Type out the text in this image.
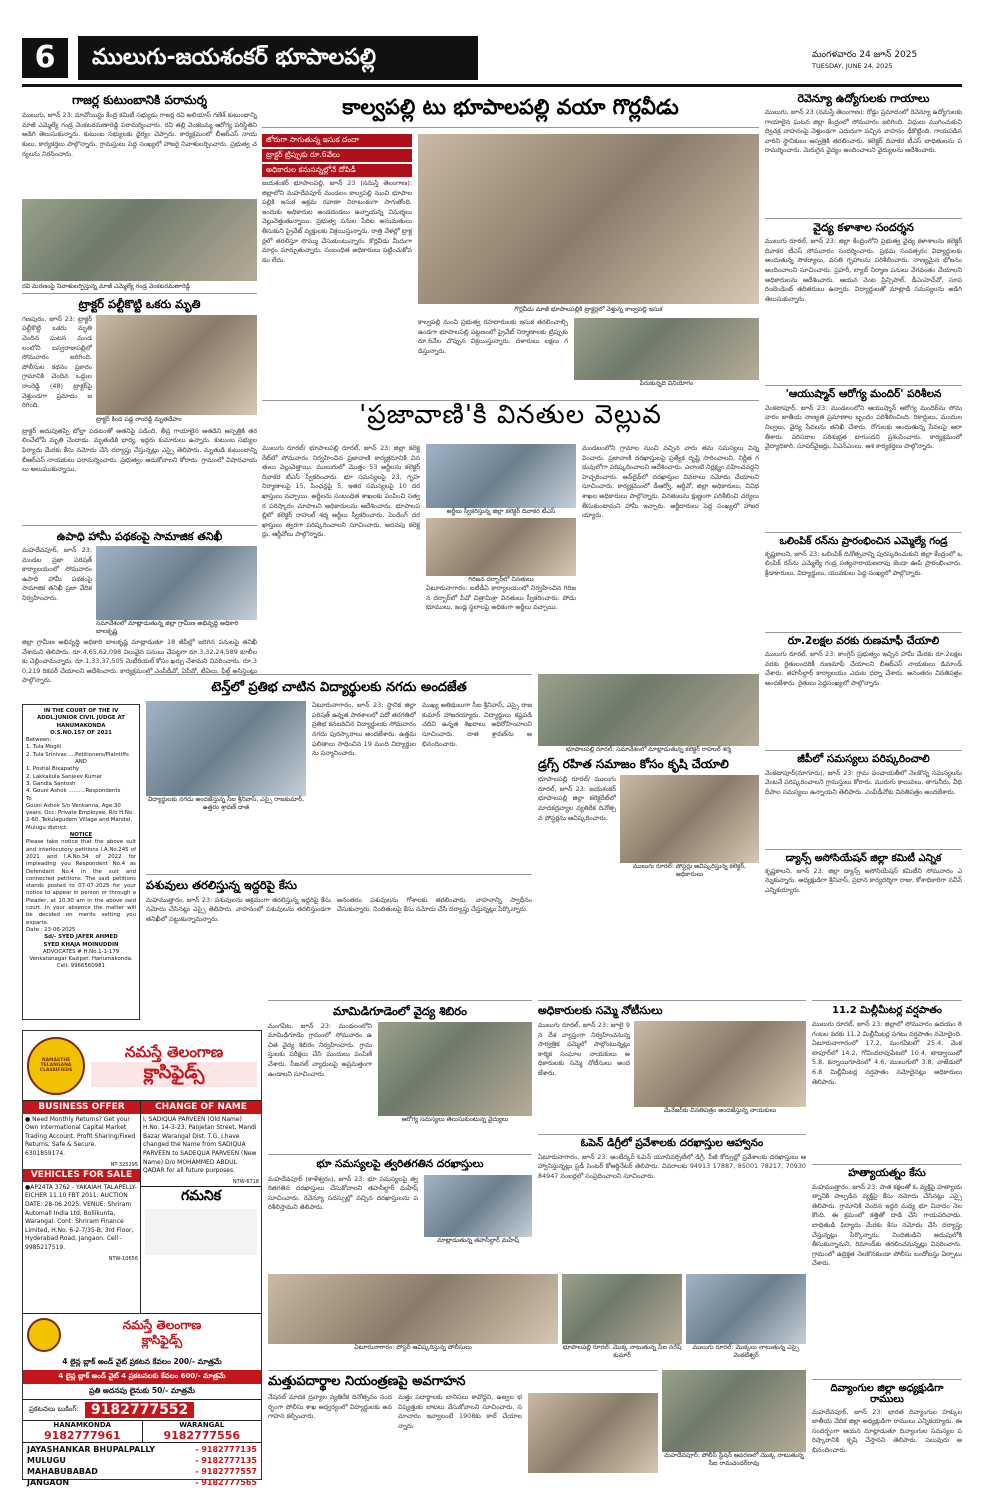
6	ములుగు-జయశంకర్ భూపాలపల్లి	మంగళవారం 24 జూన్ 2025
TUESDAY, JUNE 24, 2025
గాజర్ల కుటుంబానికి పరామర్శ
ములుగు, జూన్ 23: మావోయిస్టు కేంద్ర కమిటీ సభ్యుడు గాజర్ల రవి అలియాస్ గణేశ్ కుటుంబాన్ని మాజీ ఎమ్మెల్యే గండ్ర వెంకటరమణారెడ్డి పరామర్శించారు. రవి తల్లి వెంకటమ్మ ఆరోగ్య పరిస్థితిని అడిగి తెలుసుకున్నారు. కుటుంబ సభ్యులకు ధైర్యం చెప్పారు. కార్యక్రమంలో బీఆర్ఎస్ నాయకులు, కార్యకర్తలు పాల్గొన్నారు. గ్రామస్తులు పెద్ద సంఖ్యలో హాజరై నివాళులర్పించారు. ప్రభుత్వ చర్యలను నిరసించారు.
రవి మరణంపై నివాళులర్పిస్తున్న మాజీ ఎమ్మెల్యే గండ్ర వెంకటరమణారెడ్డి
ట్రాక్టర్ పల్టీకొట్టి ఒకరు మృతి
గణపురం, జూన్ 23: ట్రాక్టర్ పల్టీకొట్టి ఒకరు మృతి చెందిన ఘటన మండలంలోని బస్వరాజుపల్లిలో సోమవారం జరిగింది. పోలీసుల కథనం ప్రకారం గ్రామానికి చెందిన ఒద్దుల రాంరెడ్డి (48) ట్రాక్టర్‌పై వెళ్తుండగా ప్రమాదం జరిగింది.
ట్రాక్టర్ కింద పడ్డ రాంరెడ్డి మృతదేహం
ట్రాక్టర్ అదుపుతప్పి బోల్తా పడటంతో అతనిపై పడింది. తీవ్ర గాయాలైన అతడిని ఆస్పత్రికి తరలించేలోపే మృతి చెందాడు. మృతుడికి భార్య, ఇద్దరు కుమారులు ఉన్నారు. కుటుంబ సభ్యుల ఫిర్యాదు మేరకు కేసు నమోదు చేసి దర్యాప్తు చేస్తున్నట్లు ఎస్సై తెలిపారు. మృతుడి కుటుంబాన్ని బీఆర్ఎస్ నాయకులు పరామర్శించారు. ప్రభుత్వం ఆదుకోవాలని కోరారు. గ్రామంలో విషాదఛాయలు అలుముకున్నాయి.
ఉపాధి హామీ పథకంపై సామాజిక తనిఖీ
మహదేవపూర్, జూన్ 23: మండల ప్రజా పరిషత్ కార్యాలయంలో సోమవారం ఉపాధి హామీ పథకంపై సామాజిక తనిఖీ ప్రజా వేదిక నిర్వహించారు.
సమావేశంలో మాట్లాడుతున్న జిల్లా గ్రామీణ అభివృద్ధి అధికారి బాలకృష్ణ
జిల్లా గ్రామీణ అభివృద్ధి అధికారి బాలకృష్ణ మాట్లాడుతూ 18 జీపీల్లో జరిగిన పనులపై తనిఖీ చేశామని తెలిపారు. రూ.4,65,62,098 విలువైన పనులు చేపట్టగా రూ.3,32,24,589 కూలీలకు చెల్లించామన్నారు. రూ.1,33,37,505 మెటీరియల్ కోసం ఖర్చు చేశామని వివరించారు. రూ.30,219 రికవరీ చేయాలని ఆదేశించారు. కార్యక్రమంలో ఎంపీడీవో, ఏపీవో, టీఏలు, ఫీల్డ్ అసిస్టెంట్లు పాల్గొన్నారు.
IN THE COURT OF THE IV ADDL.JUNIOR CIVIL JUDGE AT HANUMAKONDA
O.S.NO.157 OF 2021
Between:
1. Tula Mogili
2. Tula Srinivas ....Petitioners/Plaintiffs
AND
1. Poshal Bixapathy
2. Lakkakula Sanjeev Kumar
3. Gandla Santosh
4. Gouni Ashok ..........Respondents
To
Gouni Ashok S/o Venkanna, Age:30 years, Occ: Private Employee, R/o H.No. 2-60, Tekulagudem Village and Mandal, Mulugu district.
NOTICE
Please take notice that the above suit and interlocutory petitions I.A.No.245 of 2021 and I.A.No.34 of 2022 for impleading you Respondent No.4 as Defendant No.4 in the suit and connected petitions. The said petitions stands posted to 07-07-2025 for your notice to appear in person or through a Pleader, at 10.30 am in the above said court. In your absence the matter will be decided on merits setting you exparte.
Date : 23-06-2025
Sd/- SYED JAFER AHMED
SYED KHAJA MOINUDDIN
ADVOCATES # H.No.1-1-179
Venkatanagar Kazipet, Hanumakonda. Cell: 9966560981
కాల్వపల్లి టు భూపాలపల్లి వయా గొర్లవీడు
జోరుగా సాగుతున్న ఇసుక దందా
ట్రాక్టర్ ట్రిప్పుకు రూ.6వేలు
అధికారుల కనుసన్నల్లోనే దోపిడీ
జయశంకర్ భూపాలపల్లి, జూన్ 23 (నమస్తే తెలంగాణ): జిల్లాలోని మహదేవపూర్ మండలం కాల్వపల్లి నుంచి భూపాలపల్లికి ఇసుక అక్రమ రవాణా నిరాటంకంగా సాగుతోంది. ఇందుకు అధికారుల అండదండలు ఉన్నాయన్న విమర్శలు వెల్లువెత్తుతున్నాయి. ప్రభుత్వ పనుల పేరిట అనుమతులు తీసుకుని ప్రైవేట్ వ్యక్తులకు విక్రయిస్తున్నారు. రాత్రి వేళల్లో ట్రాక్టర్లలో తరలిస్తూ సొమ్ము చేసుకుంటున్నారు. కొర్లవీడు మీదుగా మార్గం మార్చుతున్నారు. సంబంధిత అధికారులు పట్టించుకోవడం లేదు.
గొర్లవీడు మాజీ భూపాలపల్లికి ట్రాక్టర్లలో వెళ్తున్న కాల్వపల్లి ఇసుక
కాల్వపల్లి నుంచి ప్రభుత్వ రహదారులకు ఇసుక తరలించాల్సి ఉండగా భూపాలపల్లి పట్టణంలో ప్రైవేట్ నిర్మాణాలకు ట్రిప్పుకు రూ.6వేల చొప్పున విక్రయిస్తున్నారు. దళారులు లక్షలు గడిస్తున్నారు.
పేరుకున్నది వినియోగం
రెవెన్యూ ఉద్యోగులకు గాయాలు
ములుగు, జూన్ 23 (నమస్తే తెలంగాణ): రోడ్డు ప్రమాదంలో రెవెన్యూ ఉద్యోగులకు గాయాలైన ఘటన జిల్లా కేంద్రంలో సోమవారం జరిగింది. విధులు ముగించుకుని ద్విచక్ర వాహనంపై వెళ్తుండగా ఎదురుగా వచ్చిన వాహనం ఢీకొట్టింది. గాయపడిన వారిని స్థానికులు ఆస్పత్రికి తరలించారు. కలెక్టర్ దివాకర టీఎస్ బాధితులను పరామర్శించారు. మెరుగైన వైద్యం అందించాలని వైద్యులను ఆదేశించారు.
వైద్య కళాశాల సందర్శన
ములుగు రూరల్, జూన్ 23: జిల్లా కేంద్రంలోని ప్రభుత్వ వైద్య కళాశాలను కలెక్టర్ దివాకర టీఎస్ సోమవారం సందర్శించారు. ప్రథమ సంవత్సరం విద్యార్థులకు అందుతున్న సౌకర్యాలు, వసతి గృహాలను పరిశీలించారు. నాణ్యమైన భోజనం అందించాలని సూచించారు. ప్రహరీ, ల్యాబ్ నిర్మాణ పనులు వేగవంతం చేయాలని అధికారులను ఆదేశించారు. ఆయన వెంట ప్రిన్సిపాల్, డీఎంహెచ్‌వో, సూపరింటెండెంట్ తదితరులు ఉన్నారు. విద్యార్థులతో మాట్లాడి సమస్యలను అడిగి తెలుసుకున్నారు.
'ఆయుష్మాన్ ఆరోగ్య మందిర్' పరిశీలన
వెంకటాపూర్, జూన్ 23: మండలంలోని ఆయుష్మాన్ ఆరోగ్య మందిర్‌ను సోమవారం జాతీయ నాణ్యత ప్రమాణాల బృందం పరిశీలించింది. రికార్డులు, మందుల నిల్వలు, వైద్య సేవలను తనిఖీ చేశారు. రోగులకు అందుతున్న సేవలపై ఆరా తీశారు. పరిసరాల పరిశుభ్రత బాగుందని ప్రశంసించారు. కార్యక్రమంలో వైద్యాధికారి, సూపర్‌వైజర్లు, ఏఎన్‌ఎంలు, ఆశ కార్యకర్తలు పాల్గొన్నారు.
ఒలింపిక్ రన్‌ను ప్రారంభించిన ఎమ్మెల్యే గండ్ర
కృష్ణకాలని, జూన్ 23: ఒలింపిక్ దినోత్సవాన్ని పురస్కరించుకుని జిల్లా కేంద్రంలో ఒలింపిక్ రన్‌ను ఎమ్మెల్యే గండ్ర సత్యనారాయణరావు జెండా ఊపి ప్రారంభించారు. క్రీడాకారులు, విద్యార్థులు, యువకులు పెద్ద సంఖ్యలో పాల్గొన్నారు.
రూ.2లక్షల వరకు రుణమాఫీ చేయాలి
ములుగు రూరల్, జూన్ 23: కాంగ్రెస్ ప్రభుత్వం ఇచ్చిన హామీ మేరకు రూ.2లక్షల వరకు రైతులందరికీ రుణమాఫీ చేయాలని బీఆర్ఎస్ నాయకులు డిమాండ్ చేశారు. తహసీల్దార్ కార్యాలయం ఎదుట ధర్నా చేశారు. అనంతరం వినతిపత్రం అందజేశారు. రైతులు పెద్దసంఖ్యలో పాల్గొన్నారు.
జీపీలో సమస్యలు పరిష్కరించాలి
వెంకటాపూర్(నూగూరు), జూన్ 23: గ్రామ పంచాయతీలో నెలకొన్న సమస్యలను వెంటనే పరిష్కరించాలని గ్రామస్తులు కోరారు. మురుగు కాలువలు, తాగునీరు, వీధి దీపాల సమస్యలు ఉన్నాయని తెలిపారు. ఎంపీడీవోకు వినతిపత్రం అందజేశారు.
డ్యాన్స్ అసోసియేషన్ జిల్లా కమిటీ ఎన్నిక
కృష్ణకాలని, జూన్ 23: జిల్లా డ్యాన్స్ అసోసియేషన్ కమిటీని సోమవారం ఎన్నుకున్నారు. అధ్యక్షుడిగా శ్రీనివాస్, ప్రధాన కార్యదర్శిగా రాజు, కోశాధికారిగా నవీన్ ఎన్నికయ్యారు.
'ప్రజావాణి'కి వినతుల వెల్లువ
ములుగు రూరల్/ భూపాలపల్లి రూరల్, జూన్ 23: జిల్లా కలెక్టరేట్‌లో సోమవారం నిర్వహించిన ప్రజావాణి కార్యక్రమానికి వినతులు వెల్లువెత్తాయి. ములుగులో మొత్తం 53 అర్జీలను కలెక్టర్ దివాకర టీఎస్ స్వీకరించారు. భూ సమస్యలపై 23, గృహ నిర్మాణాలపై 15, పింఛన్లపై 5, ఇతర సమస్యలపై 10 దరఖాస్తులు వచ్చాయి. అర్జీలను సంబంధిత శాఖలకు పంపించి సత్వర పరిష్కారం చూపాలని అధికారులను ఆదేశించారు. భూపాలపల్లిలో కలెక్టర్ రాహుల్ శర్మ అర్జీలు స్వీకరించారు. పెండింగ్ దరఖాస్తులు త్వరగా పరిష్కరించాలని సూచించారు. అదనపు కలెక్టర్లు, ఆర్డీవోలు పాల్గొన్నారు.
అర్జీలు స్వీకరిస్తున్న జిల్లా కలెక్టర్ దివాకర టీఎస్
గిరిజన దర్బార్‌లో వినతులు
ఏటూరునాగారం: ఐటీడీఏ కార్యాలయంలో నిర్వహించిన గిరిజన దర్బార్‌లో పీవో చిత్రామిశ్రా వినతులు స్వీకరించారు. పోడు భూములు, ఇండ్ల స్థలాలపై అధికంగా అర్జీలు వచ్చాయి.
మండలంలోని గ్రామాల నుంచి వచ్చిన వారు తమ సమస్యలు విన్నవించారు. ప్రజావాణి దరఖాస్తులపై ప్రత్యేక దృష్టి సారించాలని, నిర్ణీత గడువులోగా పరిష్కరించాలని ఆదేశించారు. ఎలాంటి నిర్లక్ష్యం వహించవద్దని హెచ్చరించారు. ఆన్‌లైన్‌లో దరఖాస్తుల వివరాలు నమోదు చేయాలని సూచించారు. కార్యక్రమంలో డీఆర్వో, ఆర్డీవో, జిల్లా అధికారులు, వివిధ శాఖల అధికారులు పాల్గొన్నారు. వినతులను క్షుణ్ణంగా పరిశీలించి చర్యలు తీసుకుంటామని హామీ ఇచ్చారు. అర్జీదారులు పెద్ద సంఖ్యలో హాజరయ్యారు.
టెన్త్‌లో ప్రతిభ చాటిన విద్యార్థులకు నగదు అందజేత
విద్యార్థులకు నగదు అందజేస్తున్న సీఐ శ్రీనివాస్, ఎస్సై రాజకుమార్, ఉత్తరం శ్రావణ్ దాత
ఏటూరునాగారం, జూన్ 23: స్థానిక జిల్లా పరిషత్ ఉన్నత పాఠశాలలో పదో తరగతిలో ప్రతిభ కనబరిచిన విద్యార్థులకు సోమవారం నగదు పురస్కారాలు అందజేశారు. ఉత్తమ ఫలితాలు సాధించిన 19 మంది విద్యార్థులను సన్మానించారు.
ముఖ్య అతిథులుగా సీఐ శ్రీనివాస్, ఎస్సై రాజకుమార్ హాజరయ్యారు. విద్యార్థులు కష్టపడి చదివి ఉన్నత శిఖరాలు అధిరోహించాలని సూచించారు. దాత శ్రావణ్‌ను అభినందించారు.
భూపాలపల్లి రూరల్: సమావేశంలో మాట్లాడుతున్న కలెక్టర్ రాహుల్ శర్మ
డ్రగ్స్ రహిత సమాజం కోసం కృషి చేయాలి
భూపాలపల్లి రూరల్/ ములుగు రూరల్, జూన్ 23: జయశంకర్ భూపాలపల్లి జిల్లా కలెక్టరేట్‌లో మాదకద్రవ్యాల వ్యతిరేక దినోత్సవ పోస్టర్లను ఆవిష్కరించారు.
ములుగు రూరల్: పోస్టర్లు ఆవిష్కరిస్తున్న కలెక్టర్, అధికారులు
పశువులు తరలిస్తున్న ఇద్దరిపై కేసు
మహముత్తారం, జూన్ 23: పశువులను అక్రమంగా తరలిస్తున్న ఇద్దరిపై కేసు నమోదు చేసినట్లు ఎస్సై తెలిపారు. వాహనంలో పశువులను తరలిస్తుండగా తనిఖీలో పట్టుకున్నామన్నారు.
అనంతరం పశువులను గోశాలకు తరలించారు. వాహనాన్ని స్వాధీనం చేసుకున్నారు. నిందితులపై కేసు నమోదు చేసి దర్యాప్తు చేస్తున్నట్లు పేర్కొన్నారు.
NAMASTHE TELANGANA CLASSIFIEDS
నమస్తే తెలంగాణ
క్లాసిఫైడ్స్
BUSINESS OFFER
● Need Monthly Returns? Get your Own Intermational Capital Market Trading Account. Profit Sharing/Fixed Returns, Safe & Secure. 6301859174.
NT-325295
VEHICLES FOR SALE
●AP24TA 3762 - YAKAIAH TALAPELLY- EICHER 11.10 FBT 2011. AUCTION DATE: 28-06.2025. VENUE: Shriram Automall India Ltd, Bollikunta, Warangal. Cont: Shriram Finance Limited, H.No. 6-2-7/35-B, 3rd Floor, Hyderabad Road, Jangaon. Cell - 9985217519.
NTW-10656
CHANGE OF NAME
I, SADIQUA PARVEEN (Old Name) H.No. 14-3-23, Panjetan Street, Mandi Bazar Warangal Dist. T.G. I have changed the Name from SADIQUA PARVEEN to SADEQUA PARVEEN (New Name) D/o MOHAMMED ABDUL QADAR for all future purposes.
NTW-6718
గమనిక
నమస్తే తెలంగాణ
క్లాసిఫైడ్స్
4 లైన్ల బ్లాక్ అండ్ వైట్ ప్రకటన కేవలం 200/- మాత్రమే
4 లైన్ల బ్లాక్ అండ్ వైట్ 4 ప్రకటనలకు కేవలం 600/- మాత్రమే
ప్రతి అదనపు లైనుకు 50/- మాత్రమే
ప్రకటనలు బుకింగ్: 9182777552
HANAMKONDA
9182777961
WARANGAL
9182777556
JAYASHANKAR BHUPALPALLY	- 9182777135
MULUGU	- 9182777135
MAHABUBABAD	- 9182777557
JANGAON	- 9182777565
మామిడిగూడెంలో వైద్య శిబిరం
మంగపేట, జూన్ 23: మండలంలోని మామిడిగూడెం గ్రామంలో సోమవారం ఉచిత వైద్య శిబిరం నిర్వహించారు. గ్రామస్తులకు పరీక్షలు చేసి మందులు పంపిణీ చేశారు. సీజనల్ వ్యాధులపై అప్రమత్తంగా ఉండాలని సూచించారు.
ఆరోగ్య సమస్యలు తెలుసుకుంటున్న వైద్యులు
భూ సమస్యలపై త్వరితగతిన దరఖాస్తులు
మహదేవపూర్ (కాళేశ్వరం), జూన్ 23: భూ సమస్యలపై త్వరితగతిన దరఖాస్తులు చేసుకోవాలని తహసీల్దార్ మహేష్ సూచించారు. రెవెన్యూ సదస్సుల్లో వచ్చిన దరఖాస్తులను పరిశీలిస్తామని తెలిపారు.
మాట్లాడుతున్న తహసీల్దార్ మహేష్
అధికారులకు సమ్మె నోటీసులు
ములుగు రూరల్, జూన్ 23: జూలై 9న దేశ వ్యాప్తంగా నిర్వహించనున్న సార్వత్రిక సమ్మెలో పాల్గొంటున్నట్లు కార్మిక సంఘాల నాయకులు అధికారులకు సమ్మె నోటీసులు అందజేశారు.
మేనేజర్‌కు వినతిపత్రం అందజేస్తున్న నాయకులు
ఓపెన్ డిగ్రీలో ప్రవేశాలకు దరఖాస్తుల ఆహ్వానం
ఏటూరునాగారం, జూన్ 23: అంబేద్కర్ ఓపెన్ యూనివర్సిటీలో డిగ్రీ, పీజీ కోర్సుల్లో ప్రవేశాలకు దరఖాస్తులు ఆహ్వానిస్తున్నట్లు స్టడీ సెంటర్ కోఆర్డినేటర్ తెలిపారు. వివరాలకు 94913 17887, 85001 78217, 70930 84947 నంబర్లలో సంప్రదించాలని సూచించారు.
11.2 మిల్లీమీటర్ల వర్షపాతం
ములుగు రూరల్, జూన్ 23: జిల్లాలో సోమవారం ఉదయం 8 గంటల వరకు 11.2 మిల్లీమీటర్ల సగటు వర్షపాతం నమోదైంది. ఏటూరునాగారంలో 17.2, మంగపేటలో 25.4, వెంకటాపూర్‌లో 14.2, గోవిందరావుపేటలో 10.4, తాడ్వాయిలో 5.8, కన్నాయిగూడెంలో 4.6, ములుగులో 3.8, వాజేడులో 6.8 మిల్లీమీటర్ల వర్షపాతం నమోదైనట్లు అధికారులు తెలిపారు.
హత్యాయత్నం కేసు
మహముత్తారం, జూన్ 23: పాత కక్షలతో ఓ వ్యక్తిపై హత్యాయత్నానికి పాల్పడిన వ్యక్తిపై కేసు నమోదు చేసినట్లు ఎస్సై తెలిపారు. గ్రామానికి చెందిన ఇద్దరి మధ్య భూ వివాదం నెలకొంది. ఈ క్రమంలో కత్తితో దాడి చేసి గాయపరిచాడు. బాధితుడి ఫిర్యాదు మేరకు కేసు నమోదు చేసి దర్యాప్తు చేస్తున్నట్లు పేర్కొన్నారు. నిందితుడిని అదుపులోకి తీసుకున్నామని, రిమాండ్‌కు తరలించనున్నట్లు వివరించారు. గ్రామంలో ఉద్రిక్తత నెలకొనకుండా పోలీసు బందోబస్తు ఏర్పాటు చేశారు.
దివ్యాంగుల జిల్లా అధ్యక్షుడిగా రాములు
మహదేవపూర్, జూన్ 23: భారత దివ్యాంగుల హక్కుల జాతీయ వేదిక జిల్లా అధ్యక్షుడిగా రాములు ఎన్నికయ్యారు. ఈ సందర్భంగా ఆయన మాట్లాడుతూ దివ్యాంగుల సమస్యల పరిష్కారానికి కృషి చేస్తానని తెలిపారు. పలువురు అభినందించారు.
ఏటూరునాగారం: పోస్టర్ ఆవిష్కరిస్తున్న పోలీసులు	భూపాలపల్లి రూరల్: మొక్క నాటుతున్న సీఐ నరేష్ కుమార్
ములుగు రూరల్: మొక్కలు నాటుతున్న ఎస్సై వెంకటేశ్వర్
మత్తుపదార్థాల నియంత్రణపై అవగాహన
నేషనల్ మాదక ద్రవ్యాల వ్యతిరేక దినోత్సవం సందర్భంగా పోలీసు శాఖ ఆధ్వర్యంలో విద్యార్థులకు అవగాహన కల్పించారు.
మత్తు పదార్థాలకు బానిసలు కావొద్దని, ఉజ్వల భవిష్యత్తుకు బాటలు వేసుకోవాలని సూచించారు. సమాచారం ఇవ్వాలంటే 1908కు కాల్ చేయాలన్నారు.
మహదేవపూర్: పోలీస్ స్టేషన్ ఆవరణలో మొక్క నాటుతున్న సీఐ రామచందర్‌రావు
